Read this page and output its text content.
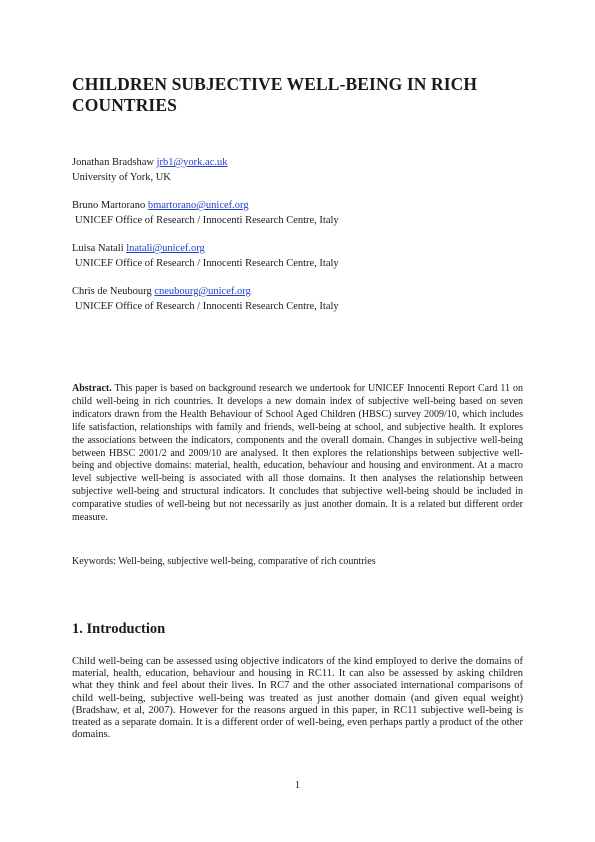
CHILDREN SUBJECTIVE WELL-BEING IN RICH COUNTRIES
Jonathan Bradshaw jrb1@york.ac.uk
University of York, UK
Bruno Martorano bmartorano@unicef.org
UNICEF Office of Research / Innocenti Research Centre, Italy
Luisa Natali lnatali@unicef.org
UNICEF Office of Research / Innocenti Research Centre, Italy
Chris de Neubourg cneubourg@unicef.org
UNICEF Office of Research / Innocenti Research Centre, Italy
Abstract. This paper is based on background research we undertook for UNICEF Innocenti Report Card 11 on child well-being in rich countries. It develops a new domain index of subjective well-being based on seven indicators drawn from the Health Behaviour of School Aged Children (HBSC) survey 2009/10, which includes life satisfaction, relationships with family and friends, well-being at school, and subjective health. It explores the associations between the indicators, components and the overall domain. Changes in subjective well-being between HBSC 2001/2 and 2009/10 are analysed. It then explores the relationships between subjective well-being and objective domains: material, health, education, behaviour and housing and environment. At a macro level subjective well-being is associated with all those domains. It then analyses the relationship between subjective well-being and structural indicators. It concludes that subjective well-being should be included in comparative studies of well-being but not necessarily as just another domain. It is a related but different order measure.
Keywords: Well-being, subjective well-being, comparative of rich countries
1. Introduction
Child well-being can be assessed using objective indicators of the kind employed to derive the domains of material, health, education, behaviour and housing in RC11. It can also be assessed by asking children what they think and feel about their lives. In RC7 and the other associated international comparisons of child well-being, subjective well-being was treated as just another domain (and given equal weight) (Bradshaw, et al, 2007). However for the reasons argued in this paper, in RC11 subjective well-being is treated as a separate domain. It is a different order of well-being, even perhaps partly a product of the other domains.
1
